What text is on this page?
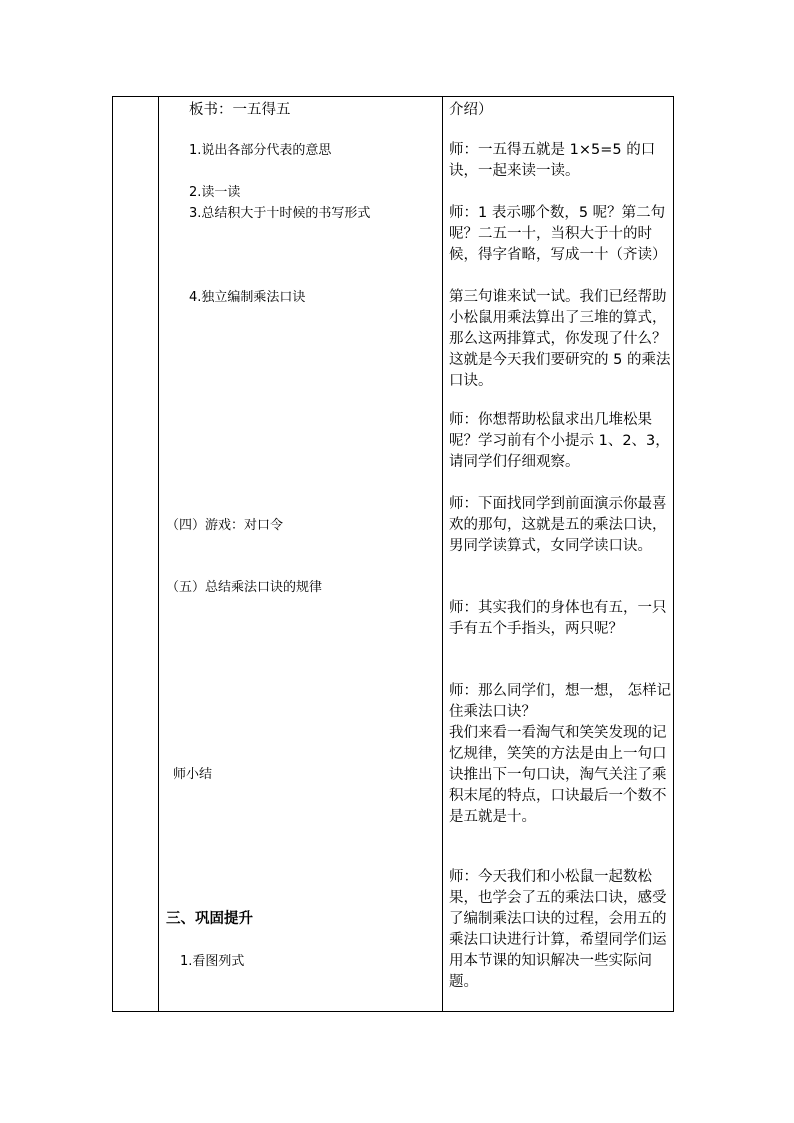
板书：一五得五
1.说出各部分代表的意思
2.读一读
3.总结积大于十时候的书写形式
4.独立编制乘法口诀
（四）游戏：对口令
（五）总结乘法口诀的规律
师小结
三、巩固提升
1.看图列式
介绍）
师：一五得五就是 1×5=5 的口诀，一起来读一读。
师：1 表示哪个数，5 呢？第二句呢？二五一十，当积大于十的时候，得字省略，写成一十（齐读）
第三句谁来试一试。我们已经帮助小松鼠用乘法算出了三堆的算式，那么这两排算式，你发现了什么？这就是今天我们要研究的 5 的乘法口诀。
师：你想帮助松鼠求出几堆松果呢？学习前有个小提示 1、2、3，请同学们仔细观察。
师：下面找同学到前面演示你最喜欢的那句，这就是五的乘法口诀，男同学读算式，女同学读口诀。
师：其实我们的身体也有五，一只手有五个手指头，两只呢？
师：那么同学们，想一想， 怎样记住乘法口诀？
我们来看一看淘气和笑笑发现的记忆规律，笑笑的方法是由上一句口诀推出下一句口诀，淘气关注了乘积末尾的特点，口诀最后一个数不是五就是十。
师：今天我们和小松鼠一起数松果，也学会了五的乘法口诀，感受了编制乘法口诀的过程，会用五的乘法口诀进行计算，希望同学们运用本节课的知识解决一些实际问题。
